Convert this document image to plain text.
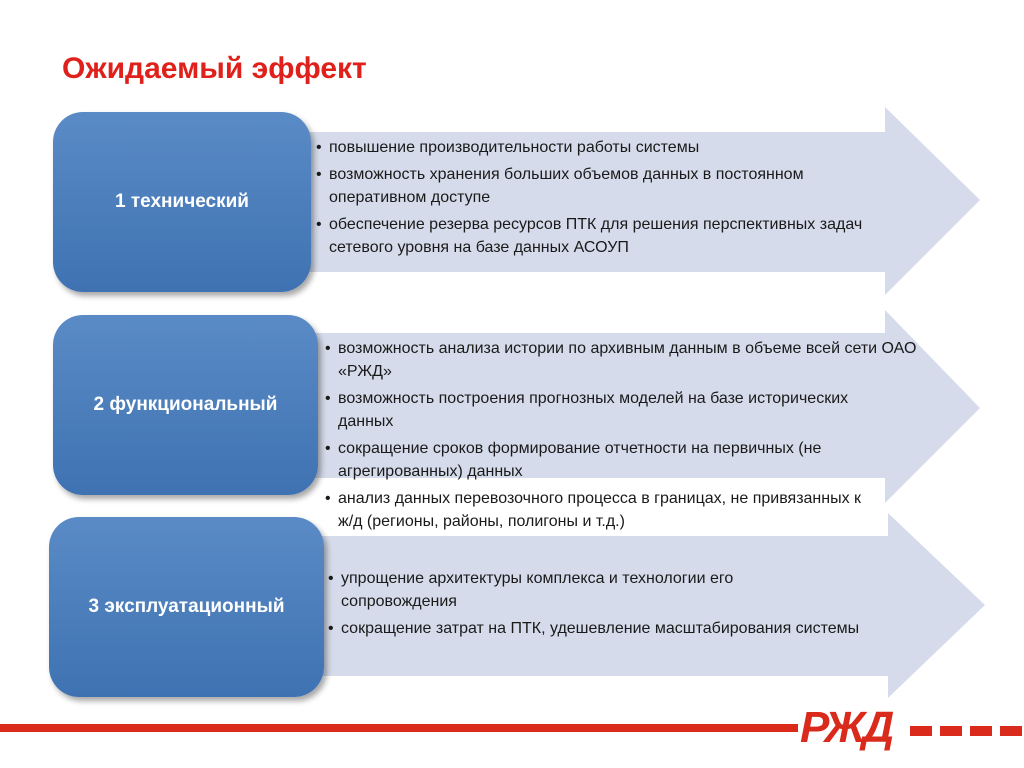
Ожидаемый эффект
1 технический
2 функциональный
3 эксплуатационный
• повышение производительности работы системы
• возможность хранения больших объемов данных в постоянном оперативном доступе
• обеспечение резерва ресурсов ПТК для решения перспективных задач сетевого уровня на базе данных АСОУП
• возможность анализа истории по архивным данным в объеме всей сети ОАО «РЖД»
• возможность построения прогнозных моделей на базе исторических данных
• сокращение сроков формирование отчетности на первичных (не агрегированных) данных
• анализ данных перевозочного процесса в границах, не привязанных к ж/д (регионы, районы, полигоны и т.д.)
• упрощение архитектуры комплекса и технологии его сопровождения
• сокращение затрат на ПТК, удешевление масштабирования системы
РЖД
